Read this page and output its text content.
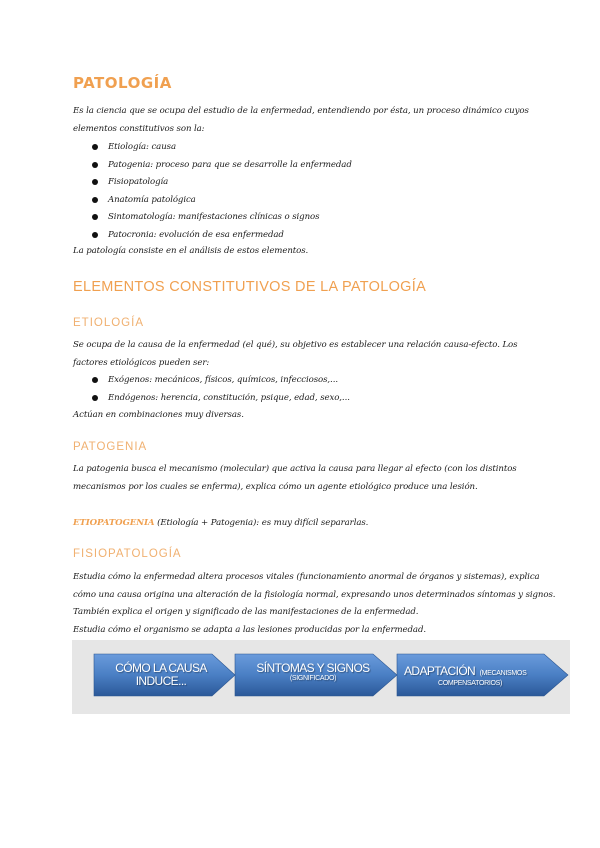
PATOLOGÍA
Es la ciencia que se ocupa del estudio de la enfermedad, entendiendo por ésta, un proceso dinámico cuyos elementos constitutivos son la:
Etiología: causa
Patogenia: proceso para que se desarrolle la enfermedad
Fisiopatología
Anatomía patológica
Sintomatología: manifestaciones clínicas o signos
Patocronia: evolución de esa enfermedad
La patología consiste en el análisis de estos elementos.
ELEMENTOS CONSTITUTIVOS DE LA PATOLOGÍA
ETIOLOGÍA
Se ocupa de la causa de la enfermedad (el qué), su objetivo es establecer una relación causa-efecto. Los factores etiológicos pueden ser:
Exógenos: mecánicos, físicos, químicos, infecciosos,...
Endógenos: herencia, constitución, psique, edad, sexo,...
Actúan en combinaciones muy diversas.
PATOGENIA
La patogenia busca el mecanismo (molecular) que activa la causa para llegar al efecto (con los distintos mecanismos por los cuales se enferma), explica cómo un agente etiológico produce una lesión.
ETIOPATOGENIA (Etiología + Patogenia): es muy difícil separarlas.
FISIOPATOLOGÍA
Estudia cómo la enfermedad altera procesos vitales (funcionamiento anormal de órganos y sistemas), explica
cómo una causa origina una alteración de la fisiología normal, expresando unos determinados síntomas y signos.
También explica el origen y significado de las manifestaciones de la enfermedad.
Estudia cómo el organismo se adapta a las lesiones producidas por la enfermedad.
CÓMO LA CAUSA
INDUCE...
SÍNTOMAS Y SIGNOS
(SIGNIFICADO)
ADAPTACIÓN (MECANISMOS
COMPENSATORIOS)
